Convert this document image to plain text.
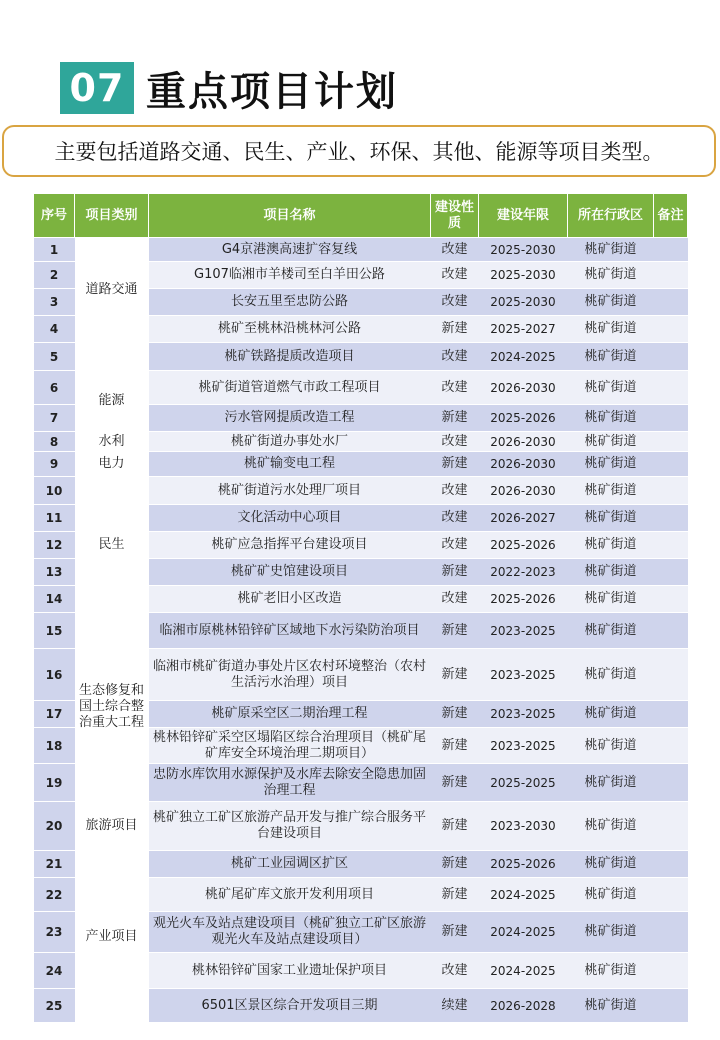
07 重点项目计划
主要包括道路交通、民生、产业、环保、其他、能源等项目类型。
序号	项目类别	项目名称	建设性质	建设年限	所在行政区	备注
1	道路交通	G4京港澳高速扩容复线	改建	2025-2030	桃矿街道	
2		G107临湘市羊楼司至白羊田公路	改建	2025-2030	桃矿街道	
3		长安五里至忠防公路	改建	2025-2030	桃矿街道	
4		桃矿至桃林沿桃林河公路	新建	2025-2027	桃矿街道	
5		桃矿铁路提质改造项目	改建	2024-2025	桃矿街道	
6	能源	桃矿街道管道燃气市政工程项目	改建	2026-2030	桃矿街道	
7		污水管网提质改造工程	新建	2025-2026	桃矿街道	
8	水利	桃矿街道办事处水厂	改建	2026-2030	桃矿街道	
9	电力	桃矿输变电工程	新建	2026-2030	桃矿街道	
10	民生	桃矿街道污水处理厂项目	改建	2026-2030	桃矿街道	
11		文化活动中心项目	改建	2026-2027	桃矿街道	
12		桃矿应急指挥平台建设项目	改建	2025-2026	桃矿街道	
13		桃矿矿史馆建设项目	新建	2022-2023	桃矿街道	
14		桃矿老旧小区改造	改建	2025-2026	桃矿街道	
15	生态修复和国土综合整治重大工程	临湘市原桃林铅锌矿区域地下水污染防治项目	新建	2023-2025	桃矿街道	
16		临湘市桃矿街道办事处片区农村环境整治（农村生活污水治理）项目	新建	2023-2025	桃矿街道	
17		桃矿原采空区二期治理工程	新建	2023-2025	桃矿街道	
18		桃林铅锌矿采空区塌陷区综合治理项目（桃矿尾矿库安全环境治理二期项目）	新建	2023-2025	桃矿街道	
19		忠防水库饮用水源保护及水库去除安全隐患加固治理工程	新建	2025-2025	桃矿街道	
20	旅游项目	桃矿独立工矿区旅游产品开发与推广综合服务平台建设项目	新建	2023-2030	桃矿街道	
21	产业项目	桃矿工业园调区扩区	新建	2025-2026	桃矿街道	
22		桃矿尾矿库文旅开发利用项目	新建	2024-2025	桃矿街道	
23		观光火车及站点建设项目（桃矿独立工矿区旅游观光火车及站点建设项目）	新建	2024-2025	桃矿街道	
24		桃林铅锌矿国家工业遗址保护项目	改建	2024-2025	桃矿街道	
25		6501区景区综合开发项目三期	续建	2026-2028	桃矿街道	
